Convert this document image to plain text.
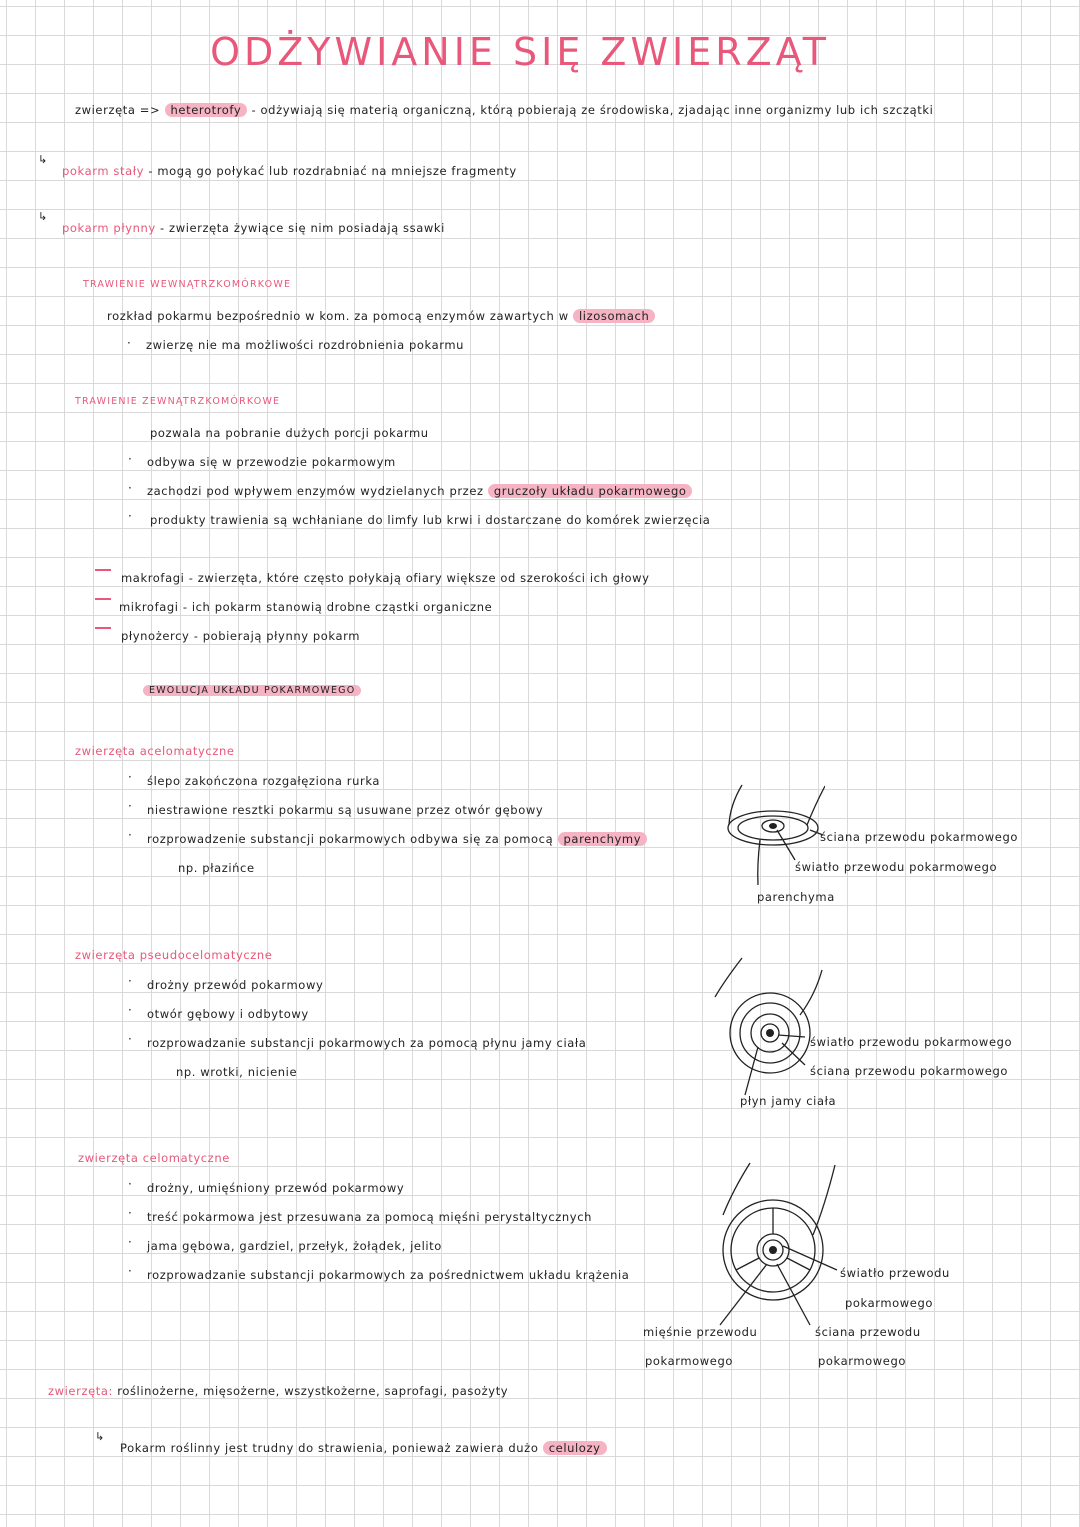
ODŻYWIANIE SIĘ ZWIERZĄT
zwierzęta => heterotrofy - odżywiają się materią organiczną, którą pobierają ze środowiska, zjadając inne organizmy lub ich szczątki
↳
pokarm stały - mogą go połykać lub rozdrabniać na mniejsze fragmenty
↳
pokarm płynny - zwierzęta żywiące się nim posiadają ssawki
TRAWIENIE WEWNĄTRZKOMÓRKOWE
rozkład pokarmu bezpośrednio w kom. za pomocą enzymów zawartych w lizosomach
· zwierzę nie ma możliwości rozdrobnienia pokarmu
TRAWIENIE ZEWNĄTRZKOMÓRKOWE
pozwala na pobranie dużych porcji pokarmu
· odbywa się w przewodzie pokarmowym
· zachodzi pod wpływem enzymów wydzielanych przez gruczoły układu pokarmowego
· produkty trawienia są wchłaniane do limfy lub krwi i dostarczane do komórek zwierzęcia
makrofagi - zwierzęta, które często połykają ofiary większe od szerokości ich głowy
mikrofagi - ich pokarm stanowią drobne cząstki organiczne
płynożercy - pobierają płynny pokarm
EWOLUCJA UKŁADU POKARMOWEGO
zwierzęta acelomatyczne
· ślepo zakończona rozgałęziona rurka
· niestrawione resztki pokarmu są usuwane przez otwór gębowy
· rozprowadzenie substancji pokarmowych odbywa się za pomocą parenchymy
np. płazińce
ściana przewodu pokarmowego
światło przewodu pokarmowego
parenchyma
zwierzęta pseudocelomatyczne
· drożny przewód pokarmowy
· otwór gębowy i odbytowy
· rozprowadzanie substancji pokarmowych za pomocą płynu jamy ciała
np. wrotki, nicienie
światło przewodu pokarmowego
ściana przewodu pokarmowego
płyn jamy ciała
zwierzęta celomatyczne
· drożny, umięśniony przewód pokarmowy
· treść pokarmowa jest przesuwana za pomocą mięśni perystaltycznych
· jama gębowa, gardziel, przełyk, żołądek, jelito
· rozprowadzanie substancji pokarmowych za pośrednictwem układu krążenia	światło przewodu
pokarmowego
mięśnie przewodu
pokarmowego
ściana przewodu
pokarmowego
zwierzęta: roślinożerne, mięsożerne, wszystkożerne, saprofagi, pasożyty
↳
Pokarm roślinny jest trudny do strawienia, ponieważ zawiera dużo celulozy
